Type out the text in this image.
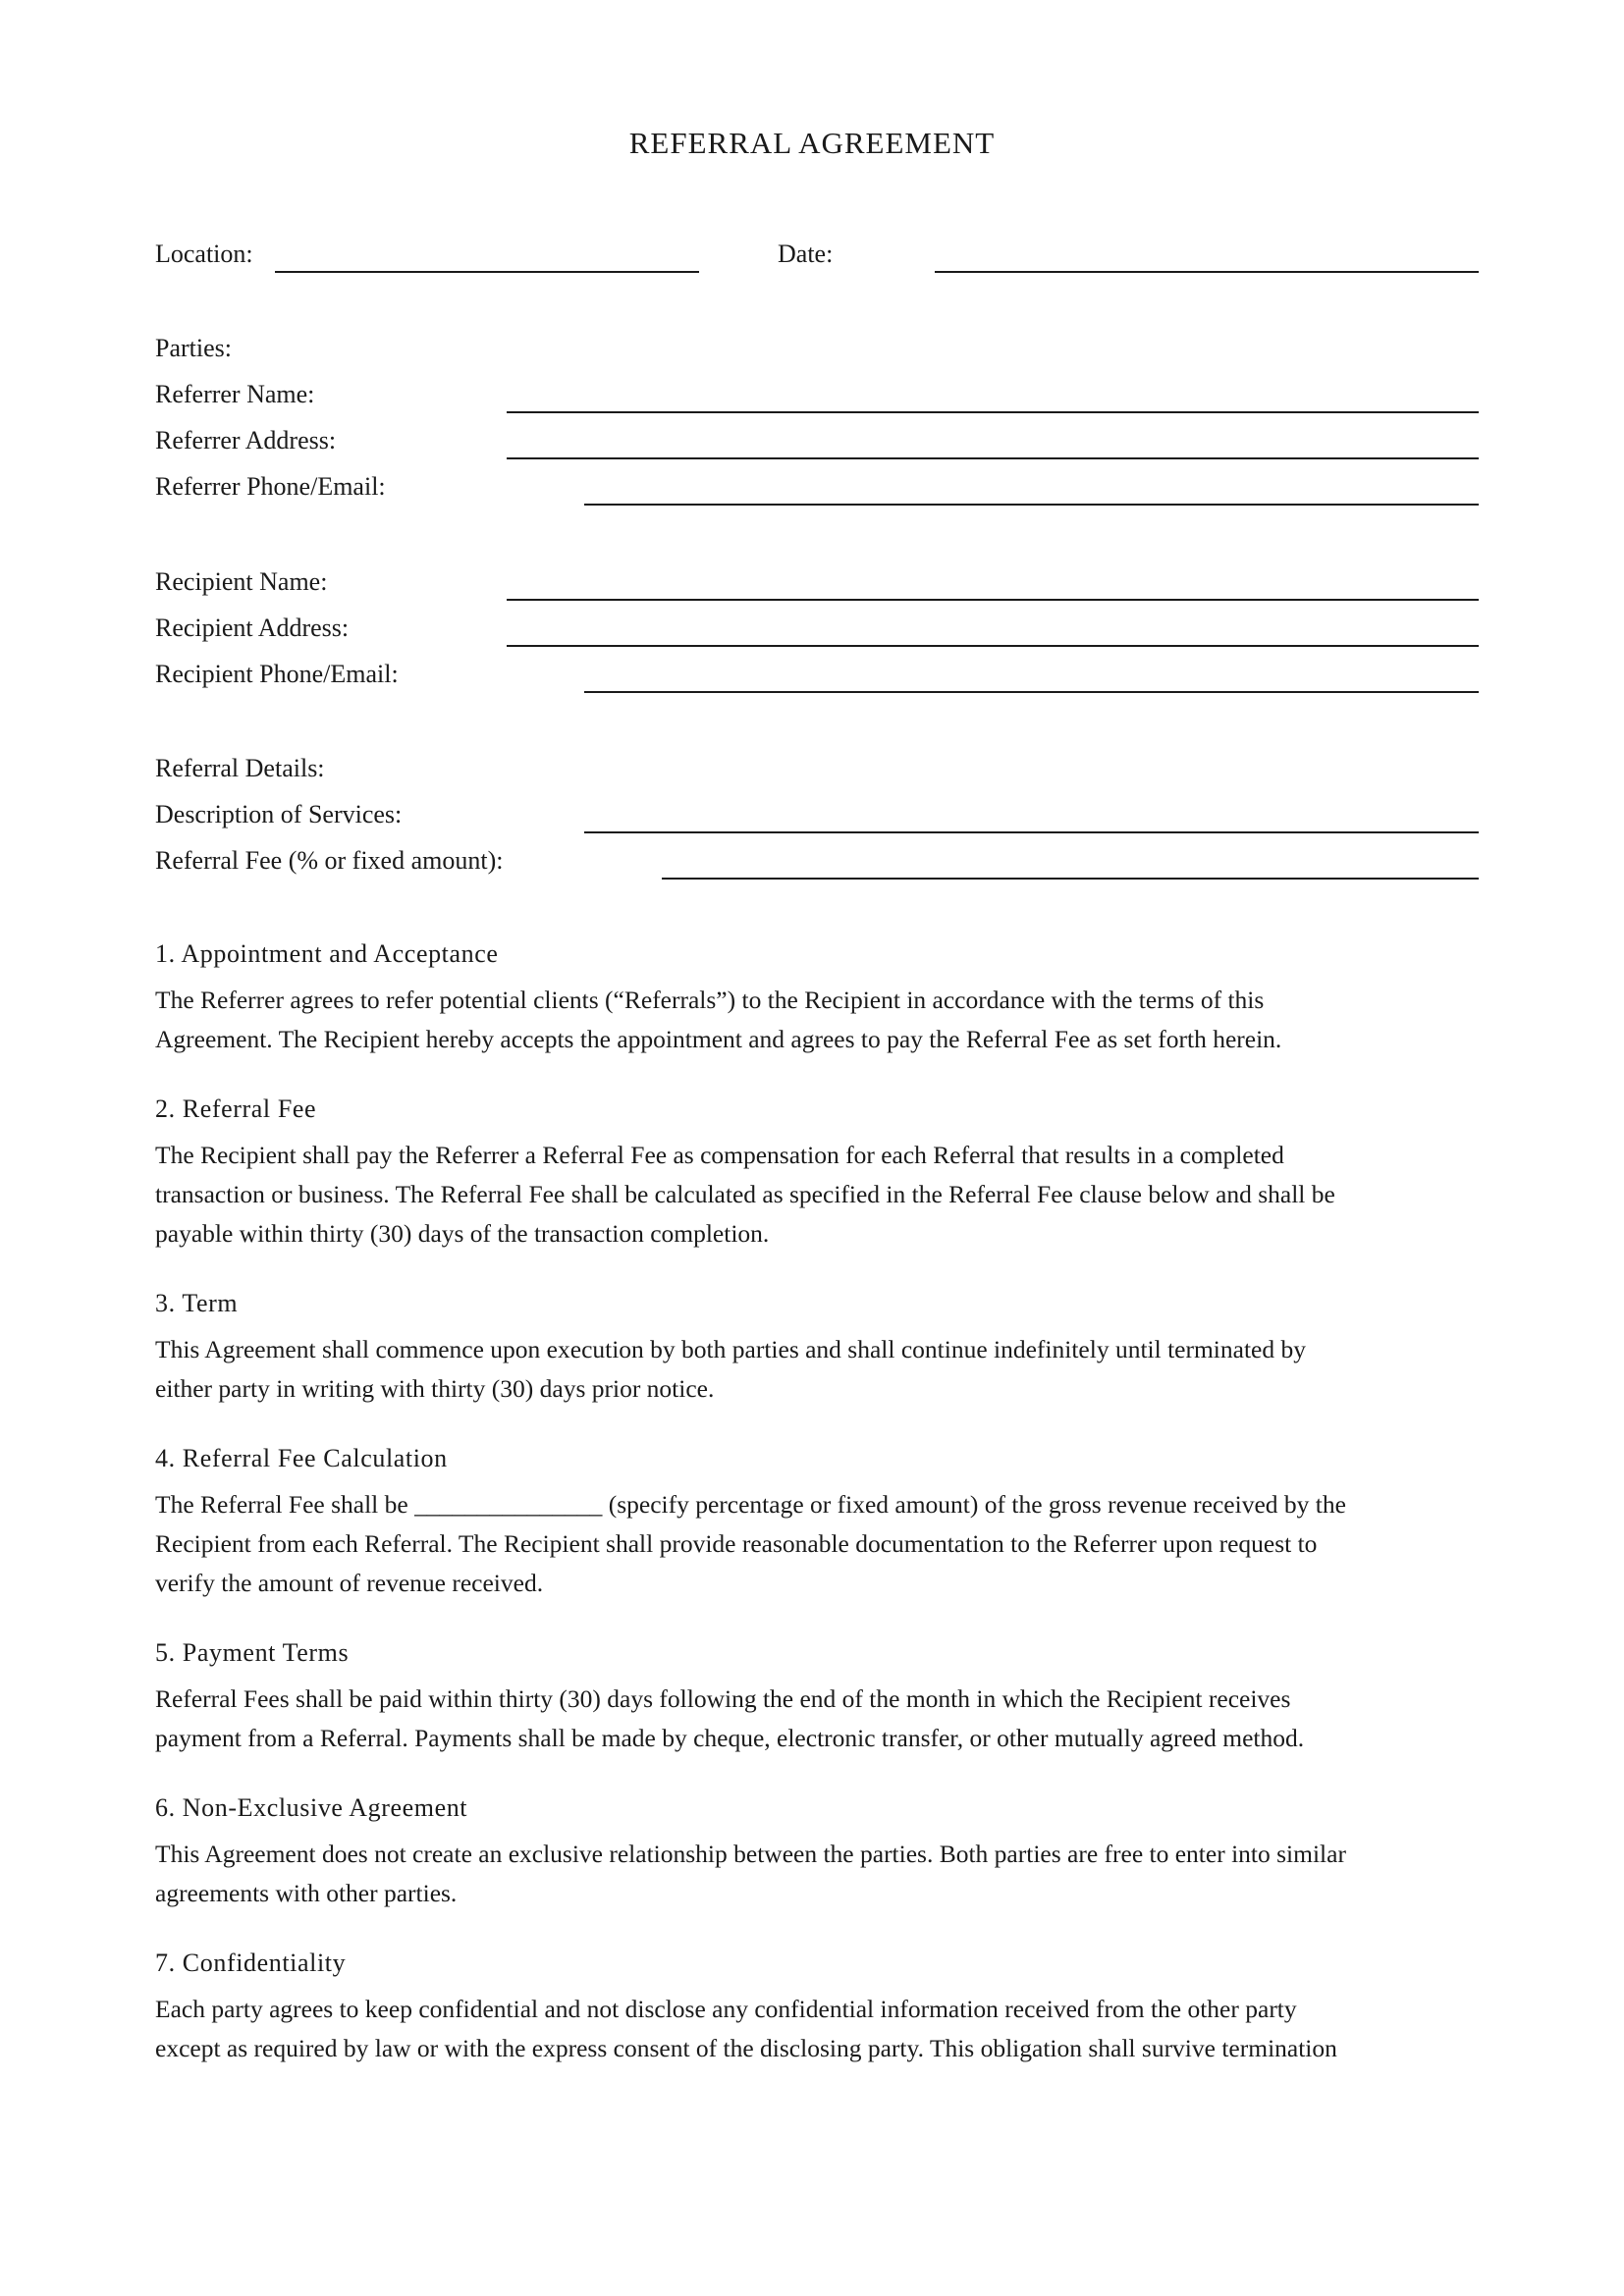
REFERRAL AGREEMENT
Location:	Date:
Parties:
Referrer Name:
Referrer Address:
Referrer Phone/Email:
Recipient Name:
Recipient Address:
Recipient Phone/Email:
Referral Details:
Description of Services:
Referral Fee (% or fixed amount):
1. Appointment and Acceptance
The Referrer agrees to refer potential clients (“Referrals”) to the Recipient in accordance with the terms of this
Agreement. The Recipient hereby accepts the appointment and agrees to pay the Referral Fee as set forth herein.
2. Referral Fee
The Recipient shall pay the Referrer a Referral Fee as compensation for each Referral that results in a completed
transaction or business. The Referral Fee shall be calculated as specified in the Referral Fee clause below and shall be
payable within thirty (30) days of the transaction completion.
3. Term
This Agreement shall commence upon execution by both parties and shall continue indefinitely until terminated by
either party in writing with thirty (30) days prior notice.
4. Referral Fee Calculation
The Referral Fee shall be _______________ (specify percentage or fixed amount) of the gross revenue received by the
Recipient from each Referral. The Recipient shall provide reasonable documentation to the Referrer upon request to
verify the amount of revenue received.
5. Payment Terms
Referral Fees shall be paid within thirty (30) days following the end of the month in which the Recipient receives
payment from a Referral. Payments shall be made by cheque, electronic transfer, or other mutually agreed method.
6. Non-Exclusive Agreement
This Agreement does not create an exclusive relationship between the parties. Both parties are free to enter into similar
agreements with other parties.
7. Confidentiality
Each party agrees to keep confidential and not disclose any confidential information received from the other party
except as required by law or with the express consent of the disclosing party. This obligation shall survive termination
